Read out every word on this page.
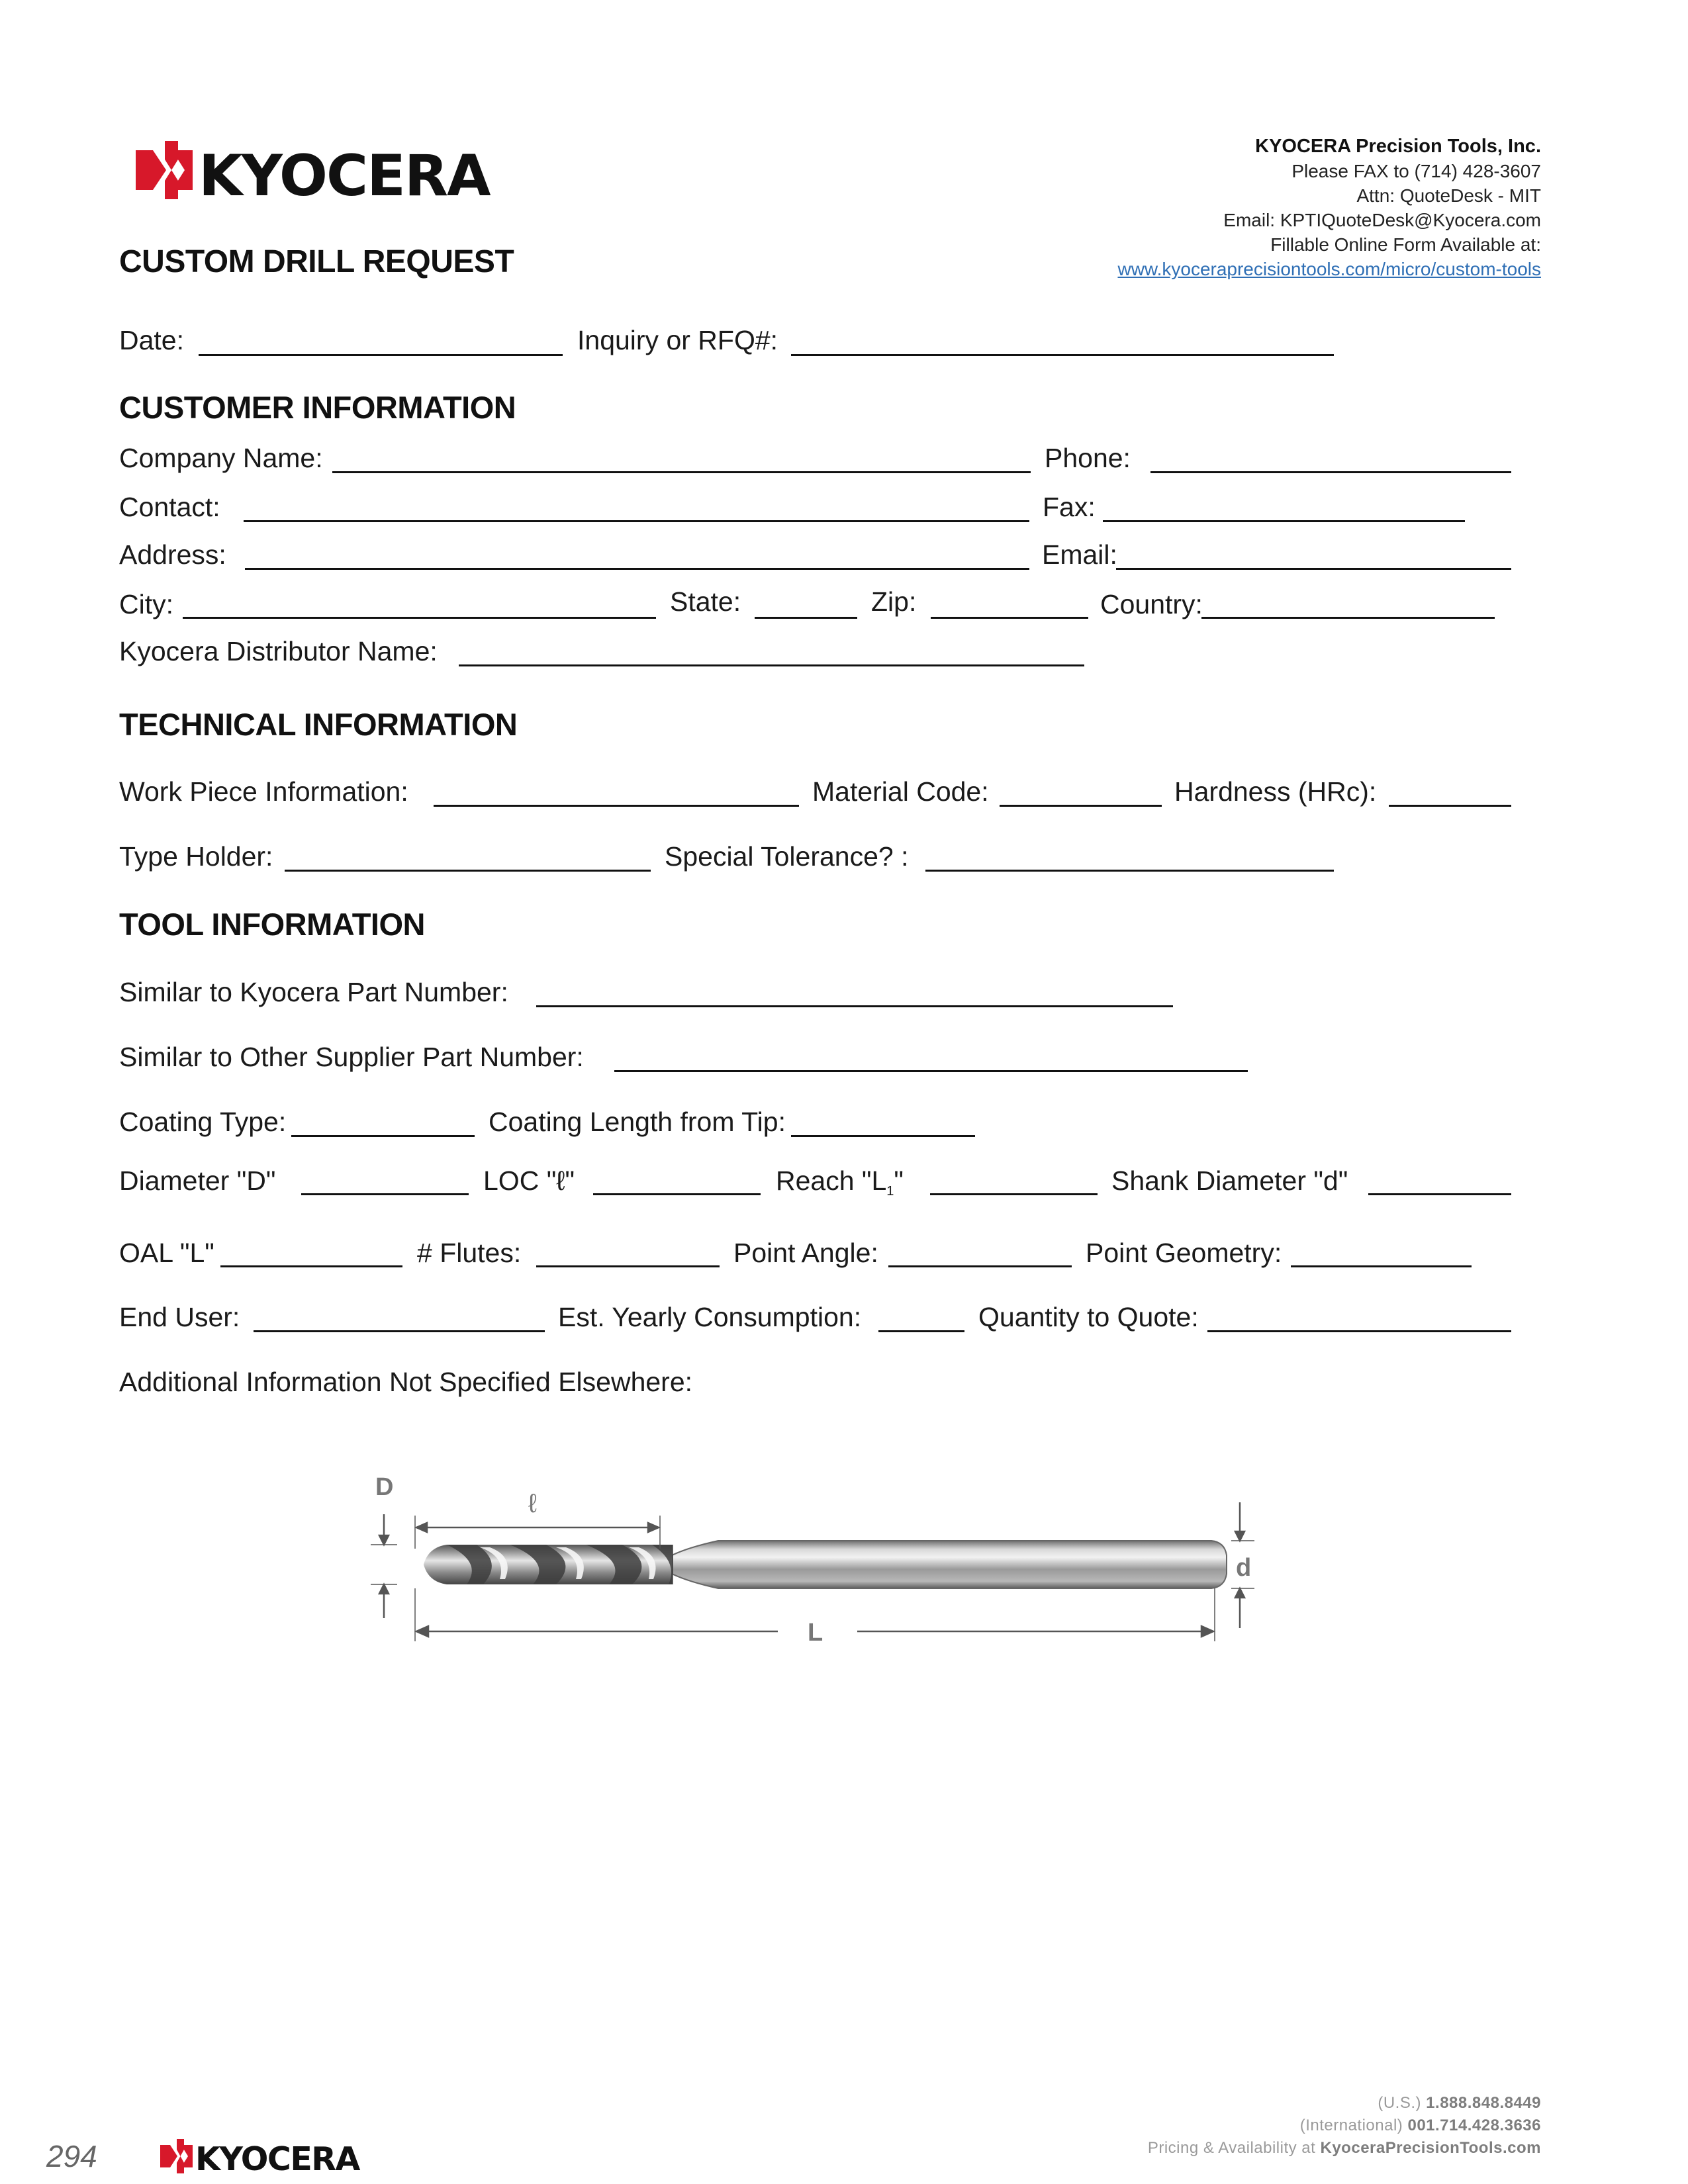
KYOCERA	KYOCERA Precision Tools, Inc.
Please FAX to (714) 428-3607
Attn: QuoteDesk - MIT
Email: KPTIQuoteDesk@Kyocera.com
Fillable Online Form Available at:
www.kyoceraprecisiontools.com/micro/custom-tools
CUSTOM DRILL REQUEST
Date:	Inquiry or RFQ#:
CUSTOMER INFORMATION
Company Name:	Phone:
Contact:	Fax:
Address:	Email:
City:	State:	Zip:	Country:
Kyocera Distributor Name:
TECHNICAL INFORMATION
Work Piece Information:	Material Code:	Hardness (HRc):
Type Holder:	Special Tolerance? :
TOOL INFORMATION
Similar to Kyocera Part Number:
Similar to Other Supplier Part Number:
Coating Type:	Coating Length from Tip:
Diameter "D"	LOC "ℓ"	Reach "L1"	Shank Diameter "d"
OAL "L"	# Flutes:	Point Angle:	Point Geometry:
End User:	Est. Yearly Consumption:	Quantity to Quote:
Additional Information Not Specified Elsewhere:
D
ℓ
d
L
294	KYOCERA
(U.S.) 1.888.848.8449
(International) 001.714.428.3636
Pricing & Availability at KyoceraPrecisionTools.com
